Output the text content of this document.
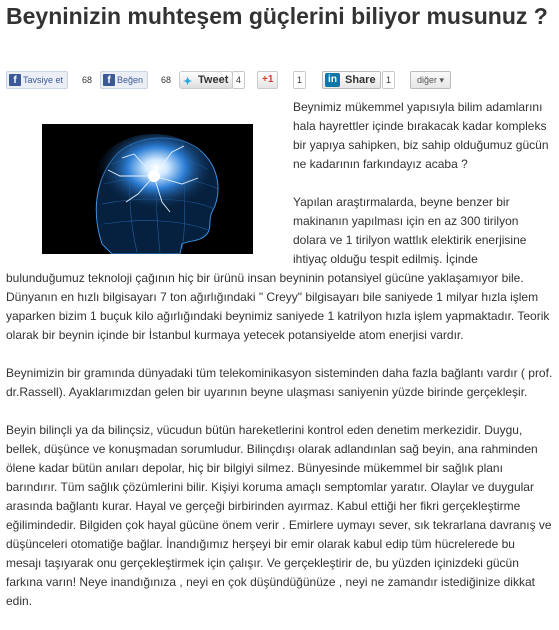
Beyninizin muhteşem güçlerini biliyor musunuz ?
f Tavsiye et	68	f Beğen	68 ✦ Tweet 4	+1	1	in Share	1	diğer ▾

Beynimiz mükemmel yapısıyla bilim adamlarını hala hayrettler içinde bırakacak kadar kompleks bir yapıya sahipken, biz sahip olduğumuz gücün ne kadarının farkındayız acaba ?

Yapılan araştırmalarda, beyne benzer bir makinanın yapılması için en az 300 tirilyon dolara ve 1 tirilyon wattlık elektirik enerjisine ihtiyaç olduğu tespit edilmiş. İçinde bulunduğumuz teknoloji çağının hiç bir ürünü insan beyninin potansiyel gücüne yaklaşamıyor bile. Dünyanın en hızlı bilgisayarı 7 ton ağırlığındaki " Creyy" bilgisayarı bile saniyede 1 milyar hızla işlem yaparken bizim 1 buçuk kilo ağırlığındaki beynimiz saniyede 1 katrilyon hızla işlem yapmaktadır. Teorik olarak bir beynin içinde bir İstanbul kurmaya yetecek potansiyelde atom enerjisi vardır.

Beynimizin bir gramında dünyadaki tüm telekominikasyon sisteminden daha fazla bağlantı vardır ( prof. dr.Rassell). Ayaklarımızdan gelen bir uyarının beyne ulaşması saniyenin yüzde birinde gerçekleşir.

Beyin bilinçli ya da bilinçsiz, vücudun bütün hareketlerini kontrol eden denetim merkezidir. Duygu, bellek, düşünce ve konuşmadan sorumludur. Bilinçdışı olarak adlandınlan sağ beyin, ana rahminden ölene kadar bütün anıları depolar, hiç bir bilgiyi silmez. Bünyesinde mükemmel bir sağlık planı barındırır. Tüm sağlık çözümlerini bilir. Kişiyi koruma amaçlı semptomlar yaratır. Olaylar ve duygular arasında bağlantı kurar. Hayal ve gerçeği birbirinden ayırmaz. Kabul ettiği her fikri gerçekleştirme eğilimindedir. Bilgiden çok hayal gücüne önem verir . Emirlere uymayı sever, sık tekrarlana davranış ve düşünceleri otomatiğe bağlar. İnandığımız herşeyi bir emir olarak kabul edip tüm hücrelerede bu mesajı taşıyarak onu gerçekleştirmek için çalışır. Ve gerçekleştirir de, bu yüzden içinizdeki gücün farkına varın! Neye inandığınıza , neyi en çok düşündüğünüze , neyi ne zamandır istediğinize dikkat edin.
